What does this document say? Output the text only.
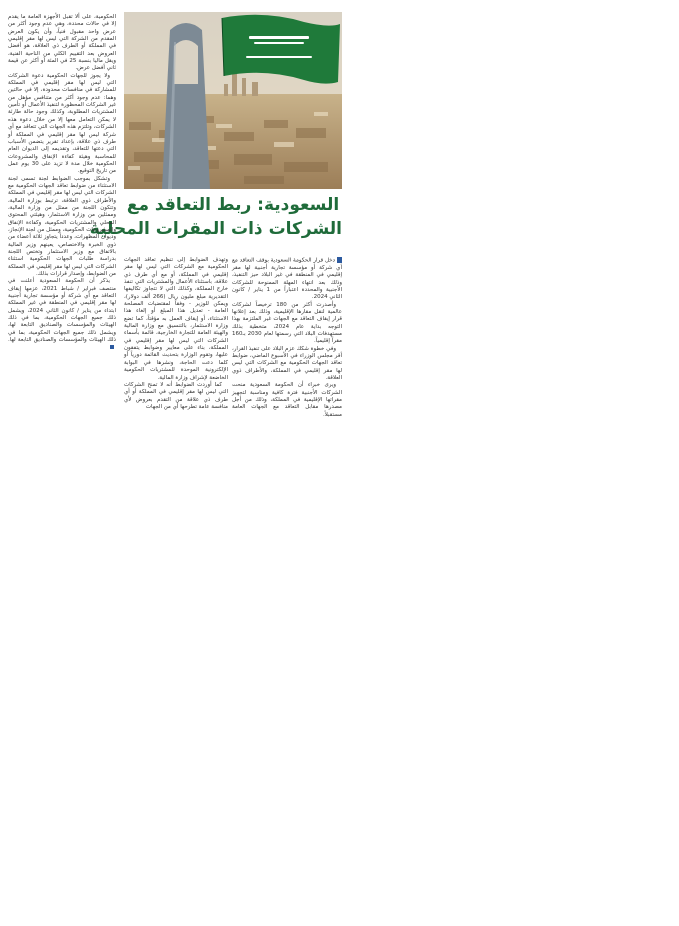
السعودية: ربط التعاقد مع
الشركات ذات المقرات المحلية

دخل قرار الحكومة السعودية بوقف التعاقد مع أي شركة أو مؤسسة تجارية أجنبية لها مقر إقليمي في المنطقة في غير البلاد حيز التنفيذ، وذلك بعد انتهاء المهلة الممنوحة للشركات الأجنبية والمحددة اعتباراً من 1 يناير / كانون الثاني 2024.

وأصدرت أكثر من 180 ترخيصاً لشركات عالمية لنقل مقارها الإقليمية، وذلك بعد إعلانها قرار إيقاف التعاقد مع الجهات غير الملتزمة بهذا التوجه بداية عام 2024، متخطية بذلك مستهدفات البلاد التي رسمتها لعام 2030 بـ160 مقراً إقليمياً.

وفي خطوة شكك عزم البلاد على تنفيذ القرار، أقر مجلس الوزراء في الأسبوع الماضي، ضوابط تعاقد الجهات الحكومية مع الشركات التي ليس لها مقر إقليمي في المملكة، والأطراف ذوي العلاقة.

ويرى خبراء أن الحكومة السعودية منحت الشركات الأجنبية فترة كافية ومناسبة لتجهيز مقراتها الإقليمية في المملكة، وذلك من أجل مصدرها مقابل التعاقد مع الجهات العامة مستقبلاً.

وتهدف الضوابط إلى تنظيم تعاقد الجهات الحكومية مع الشركات التي ليس لها مقر إقليمي في المملكة، أو مع أي طرف ذي علاقة، باستثناء الأعمال والمشتريات التي تنفذ خارج المملكة، وكذلك التي لا تتجاوز تكاليفها التقديرية مبلغ مليون ريال (266 ألف دولار)، ويمكن للوزير - وفقاً لمقتضيات المصلحة العامة - تعديل هذا المبلغ أو إلغاء هذا الاستثناء، أو إيقاف العمل به مؤقتاً، كما تضع وزارة الاستثمار، بالتنسيق مع وزارة المالية والهيئة العامة للتجارة الخارجية، قائمة بأسماء الشركات التي ليس لها مقر إقليمي في المملكة، بناء على معايير وضوابط يتفقون عليها، وتقوم الوزارة بتحديث القائمة دورياً أو كلما دعت الحاجة، ونشرها في البوابة الإلكترونية الموحدة للمشتريات الحكومية الخاضعة لإشراف وزارة المالية.

كما أوردت الضوابط أنه لا تمنح الشركات التي ليس لها مقر إقليمي في المملكة أو أي طرف ذي علاقة من التقدم بعروض لأي منافسة عامة تطرحها أي من الجهات

الحكومية، على ألا تقبل الأجهزة العامة ما يقدم إلا في حالات محددة، وهي عدم وجود أكثر من عرض واحد مقبول فنياً، وأن يكون العرض المقدم من الشركة التي ليس لها مقر إقليمي في المملكة أو الطرف ذي العلاقة، هو أفضل العروض بعد التقييم الكلي من الناحية الفنية، ويقل ماليا بنسبة 25 في المئة أو أكثر عن قيمة ثاني أفضل عرض.

ولا يجوز للجهات الحكومية دعوة الشركات التي ليس لها مقر إقليمي في المملكة للمشاركة في منافسات محدودة، إلا في حالتين وهما: عدم وجود أكثر من متنافس مؤهل من غير الشركات المحظورة لتنفيذ الأعمال أو تأمين المشتريات المطلوبة، وكذلك وجود حالة طارئة لا يمكن التعامل معها إلا من خلال دعوة هذه الشركات، وتلتزم هذه الجهات التي تتعاقد مع أي شركة ليس لها مقر إقليمي في المملكة أو طرف ذي علاقة، بإعداد تقرير يتضمن الأسباب التي دعتها للتعاقد، وتقديمه إلى الديوان العام للمحاسبة وهيئة كفاءة الإنفاق والمشروعات الحكومية خلال مدة لا تزيد على 30 يوم عمل من تاريخ التوقيع.

وتشكل بموجب الضوابط لجنة تسمى لجنة الاستثناء من ضوابط تعاقد الجهات الحكومية مع الشركات التي ليس لها مقر إقليمي في المملكة والأطراف ذوي العلاقة، ترتبط بوزارة المالية، وتتكون اللجنة من ممثل من وزارة المالية، وممثلين من وزارة الاستثمار، وهيئتي المحتوى المحلي والمشتريات الحكومية، وكفاءة الإنفاق والمشروعات الحكومية، وممثل من لجنة الإنجاز، وديوان المظهرات، وعدداً يتجاوز ثلاثة أعضاء من ذوي الخبرة والاختصاص، يعينهم وزير المالية بالاتفاق مع وزير الاستثمار وتختص اللجنة بدراسة طلبات الجهات الحكومية استثناء الشركات التي ليس لها مقر إقليمي في المملكة من الضوابط، وإصدار قرارات بذلك.

يذكر أن الحكومة السعودية أعلنت في منتصف فبراير / شباط 2021، عزمها إيقاف التعاقد مع أي شركة أو مؤسسة تجارية أجنبية لها مقر إقليمي في المنطقة في غير المملكة ابتداء من يناير / كانون الثاني 2024، ويشمل ذلك جميع الجهات الحكومية، بما في ذلك الهيئات والمؤسسات والصناديق التابعة لها، ويشمل ذلك جميع الجهات الحكومية، بما في ذلك الهيئات والمؤسسات والصناديق التابعة لها.
